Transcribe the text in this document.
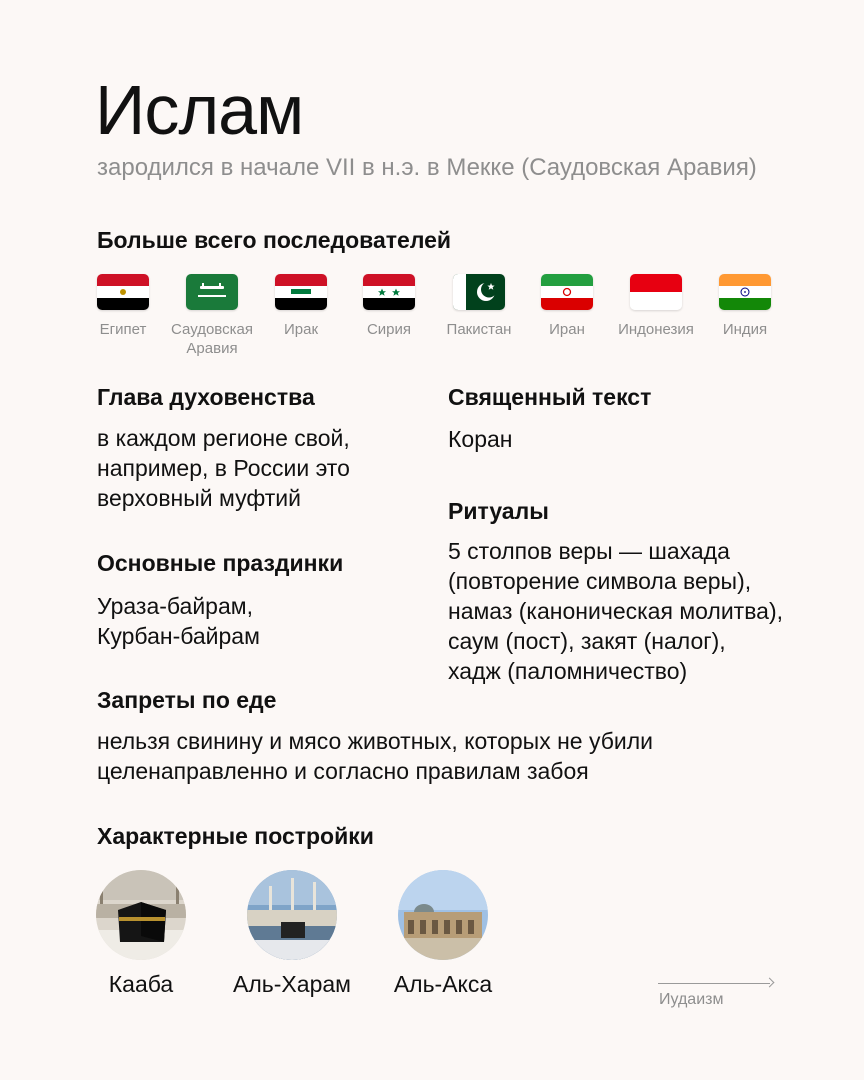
Ислам
зародился в начале VII в н.э. в Мекке (Саудовская Аравия)
Больше всего последователей
Египет	Саудовская
Аравия
Ирак	Сирия	Пакистан	Иран	Индонезия	Индия
Глава духовенства
в каждом регионе свой,
например, в России это
верховный муфтий
Священный текст
Коран
Ритуалы
5 столпов веры — шахада
(повторение символа веры),
намаз (каноническая молитва),
саум (пост), закят (налог),
хадж (паломничество)
Основные праздинки
Ураза-байрам,
Курбан-байрам
Запреты по еде
нельзя свинину и мясо животных, которых не убили
целенаправленно и согласно правилам забоя
Характерные постройки
Кааба	Аль-Харам	Аль-Акса
Иудаизм
